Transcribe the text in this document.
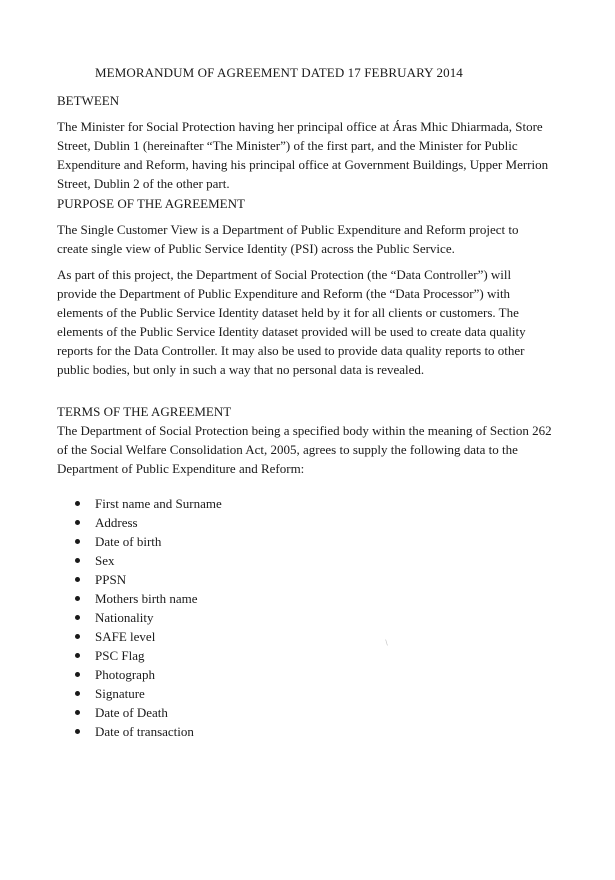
MEMORANDUM OF AGREEMENT DATED 17 FEBRUARY 2014
BETWEEN
The Minister for Social Protection having her principal office at Áras Mhic Dhiarmada, Store Street, Dublin 1 (hereinafter “The Minister”) of the first part, and the Minister for Public Expenditure and Reform, having his principal office at Government Buildings, Upper Merrion Street, Dublin 2 of the other part.
PURPOSE OF THE AGREEMENT
The Single Customer View is a Department of Public Expenditure and Reform project to create single view of Public Service Identity (PSI) across the Public Service.
As part of this project, the Department of Social Protection (the “Data Controller”) will provide the Department of Public Expenditure and Reform (the “Data Processor”) with elements of the Public Service Identity dataset held by it for all clients or customers. The elements of the Public Service Identity dataset provided will be used to create data quality reports for the Data Controller. It may also be used to provide data quality reports to other public bodies, but only in such a way that no personal data is revealed.
TERMS OF THE AGREEMENT
The Department of Social Protection being a specified body within the meaning of Section 262 of the Social Welfare Consolidation Act, 2005, agrees to supply the following data to the Department of Public Expenditure and Reform:
First name and Surname
Address
Date of birth
Sex
PPSN
Mothers birth name
Nationality
SAFE level
PSC Flag
Photograph
Signature
Date of Death
Date of transaction
∖
